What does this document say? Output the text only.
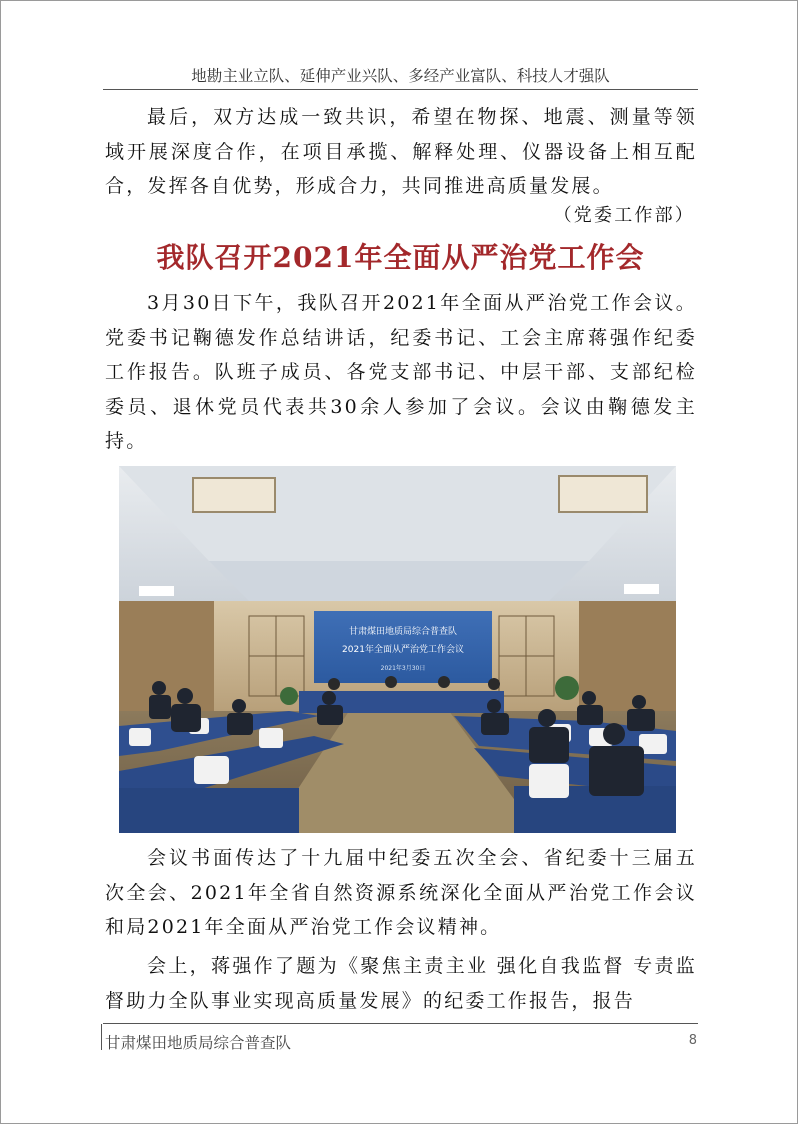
地勘主业立队、延伸产业兴队、多经产业富队、科技人才强队

最后，双方达成一致共识，希望在物探、地震、测量等领域开展深度合作，在项目承揽、解释处理、仪器设备上相互配合，发挥各自优势，形成合力，共同推进高质量发展。

（党委工作部）
我队召开2021年全面从严治党工作会

3月30日下午，我队召开2021年全面从严治党工作会议。党委书记鞠德发作总结讲话，纪委书记、工会主席蒋强作纪委工作报告。队班子成员、各党支部书记、中层干部、支部纪检委员、退休党员代表共30余人参加了会议。会议由鞠德发主持。

甘肃煤田地质局综合普查队
2021年全面从严治党工作会议
2021年3月30日

会议书面传达了十九届中纪委五次全会、省纪委十三届五次全会、2021年全省自然资源系统深化全面从严治党工作会议和局2021年全面从严治党工作会议精神。

会上，蒋强作了题为《聚焦主责主业 强化自我监督 专责监督助力全队事业实现高质量发展》的纪委工作报告，报告

甘肃煤田地质局综合普查队	8
